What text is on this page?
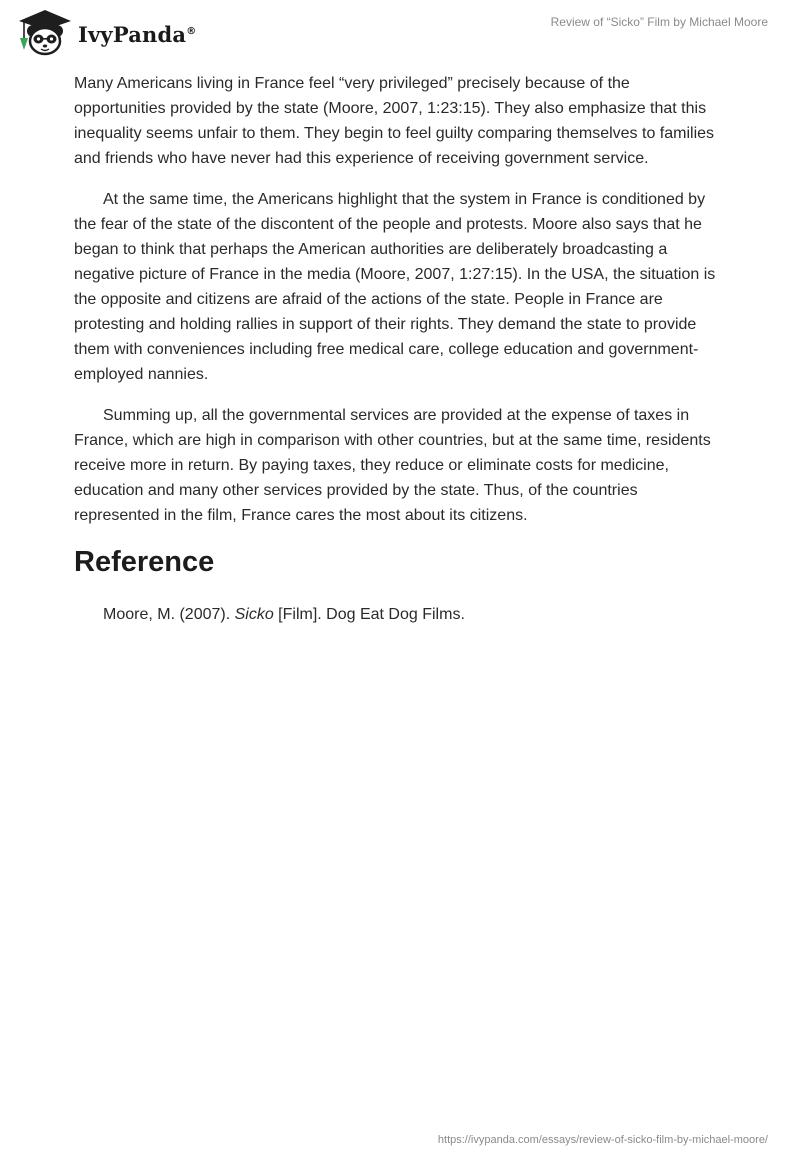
IvyPanda®
Review of “Sicko” Film by Michael Moore

Many Americans living in France feel “very privileged” precisely because of the opportunities provided by the state (Moore, 2007, 1:23:15). They also emphasize that this inequality seems unfair to them. They begin to feel guilty comparing themselves to families and friends who have never had this experience of receiving government service.

At the same time, the Americans highlight that the system in France is conditioned by the fear of the state of the discontent of the people and protests. Moore also says that he began to think that perhaps the American authorities are deliberately broadcasting a negative picture of France in the media (Moore, 2007, 1:27:15). In the USA, the situation is the opposite and citizens are afraid of the actions of the state. People in France are protesting and holding rallies in support of their rights. They demand the state to provide them with conveniences including free medical care, college education and government-employed nannies.

Summing up, all the governmental services are provided at the expense of taxes in France, which are high in comparison with other countries, but at the same time, residents receive more in return. By paying taxes, they reduce or eliminate costs for medicine, education and many other services provided by the state. Thus, of the countries represented in the film, France cares the most about its citizens.

Reference

Moore, M. (2007). Sicko [Film]. Dog Eat Dog Films.

https://ivypanda.com/essays/review-of-sicko-film-by-michael-moore/
